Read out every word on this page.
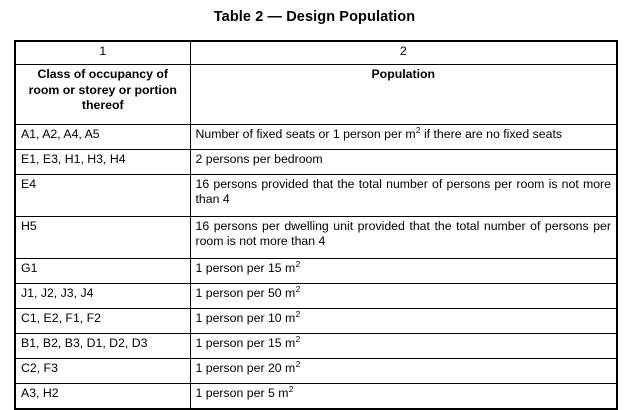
Table 2 — Design Population
1	2
Class of occupancy of room or storey or portion thereof	Population
A1, A2, A4, A5	Number of fixed seats or 1 person per $m^2$ if there are no fixed seats
E1, E3, H1, H3, H4	2 persons per bedroom
E4	16 persons provided that the total number of persons per room is not more than 4
H5	16 persons per dwelling unit provided that the total number of persons per room is not more than 4
G1	1 person per 15 $m^2$
J1, J2, J3, J4	1 person per 50 $m^2$
C1, E2, F1, F2	1 person per 10 $m^2$
B1, B2, B3, D1, D2, D3	1 person per 15 $m^2$
C2, F3	1 person per 20 $m^2$
A3, H2	1 person per 5 $m^2$
